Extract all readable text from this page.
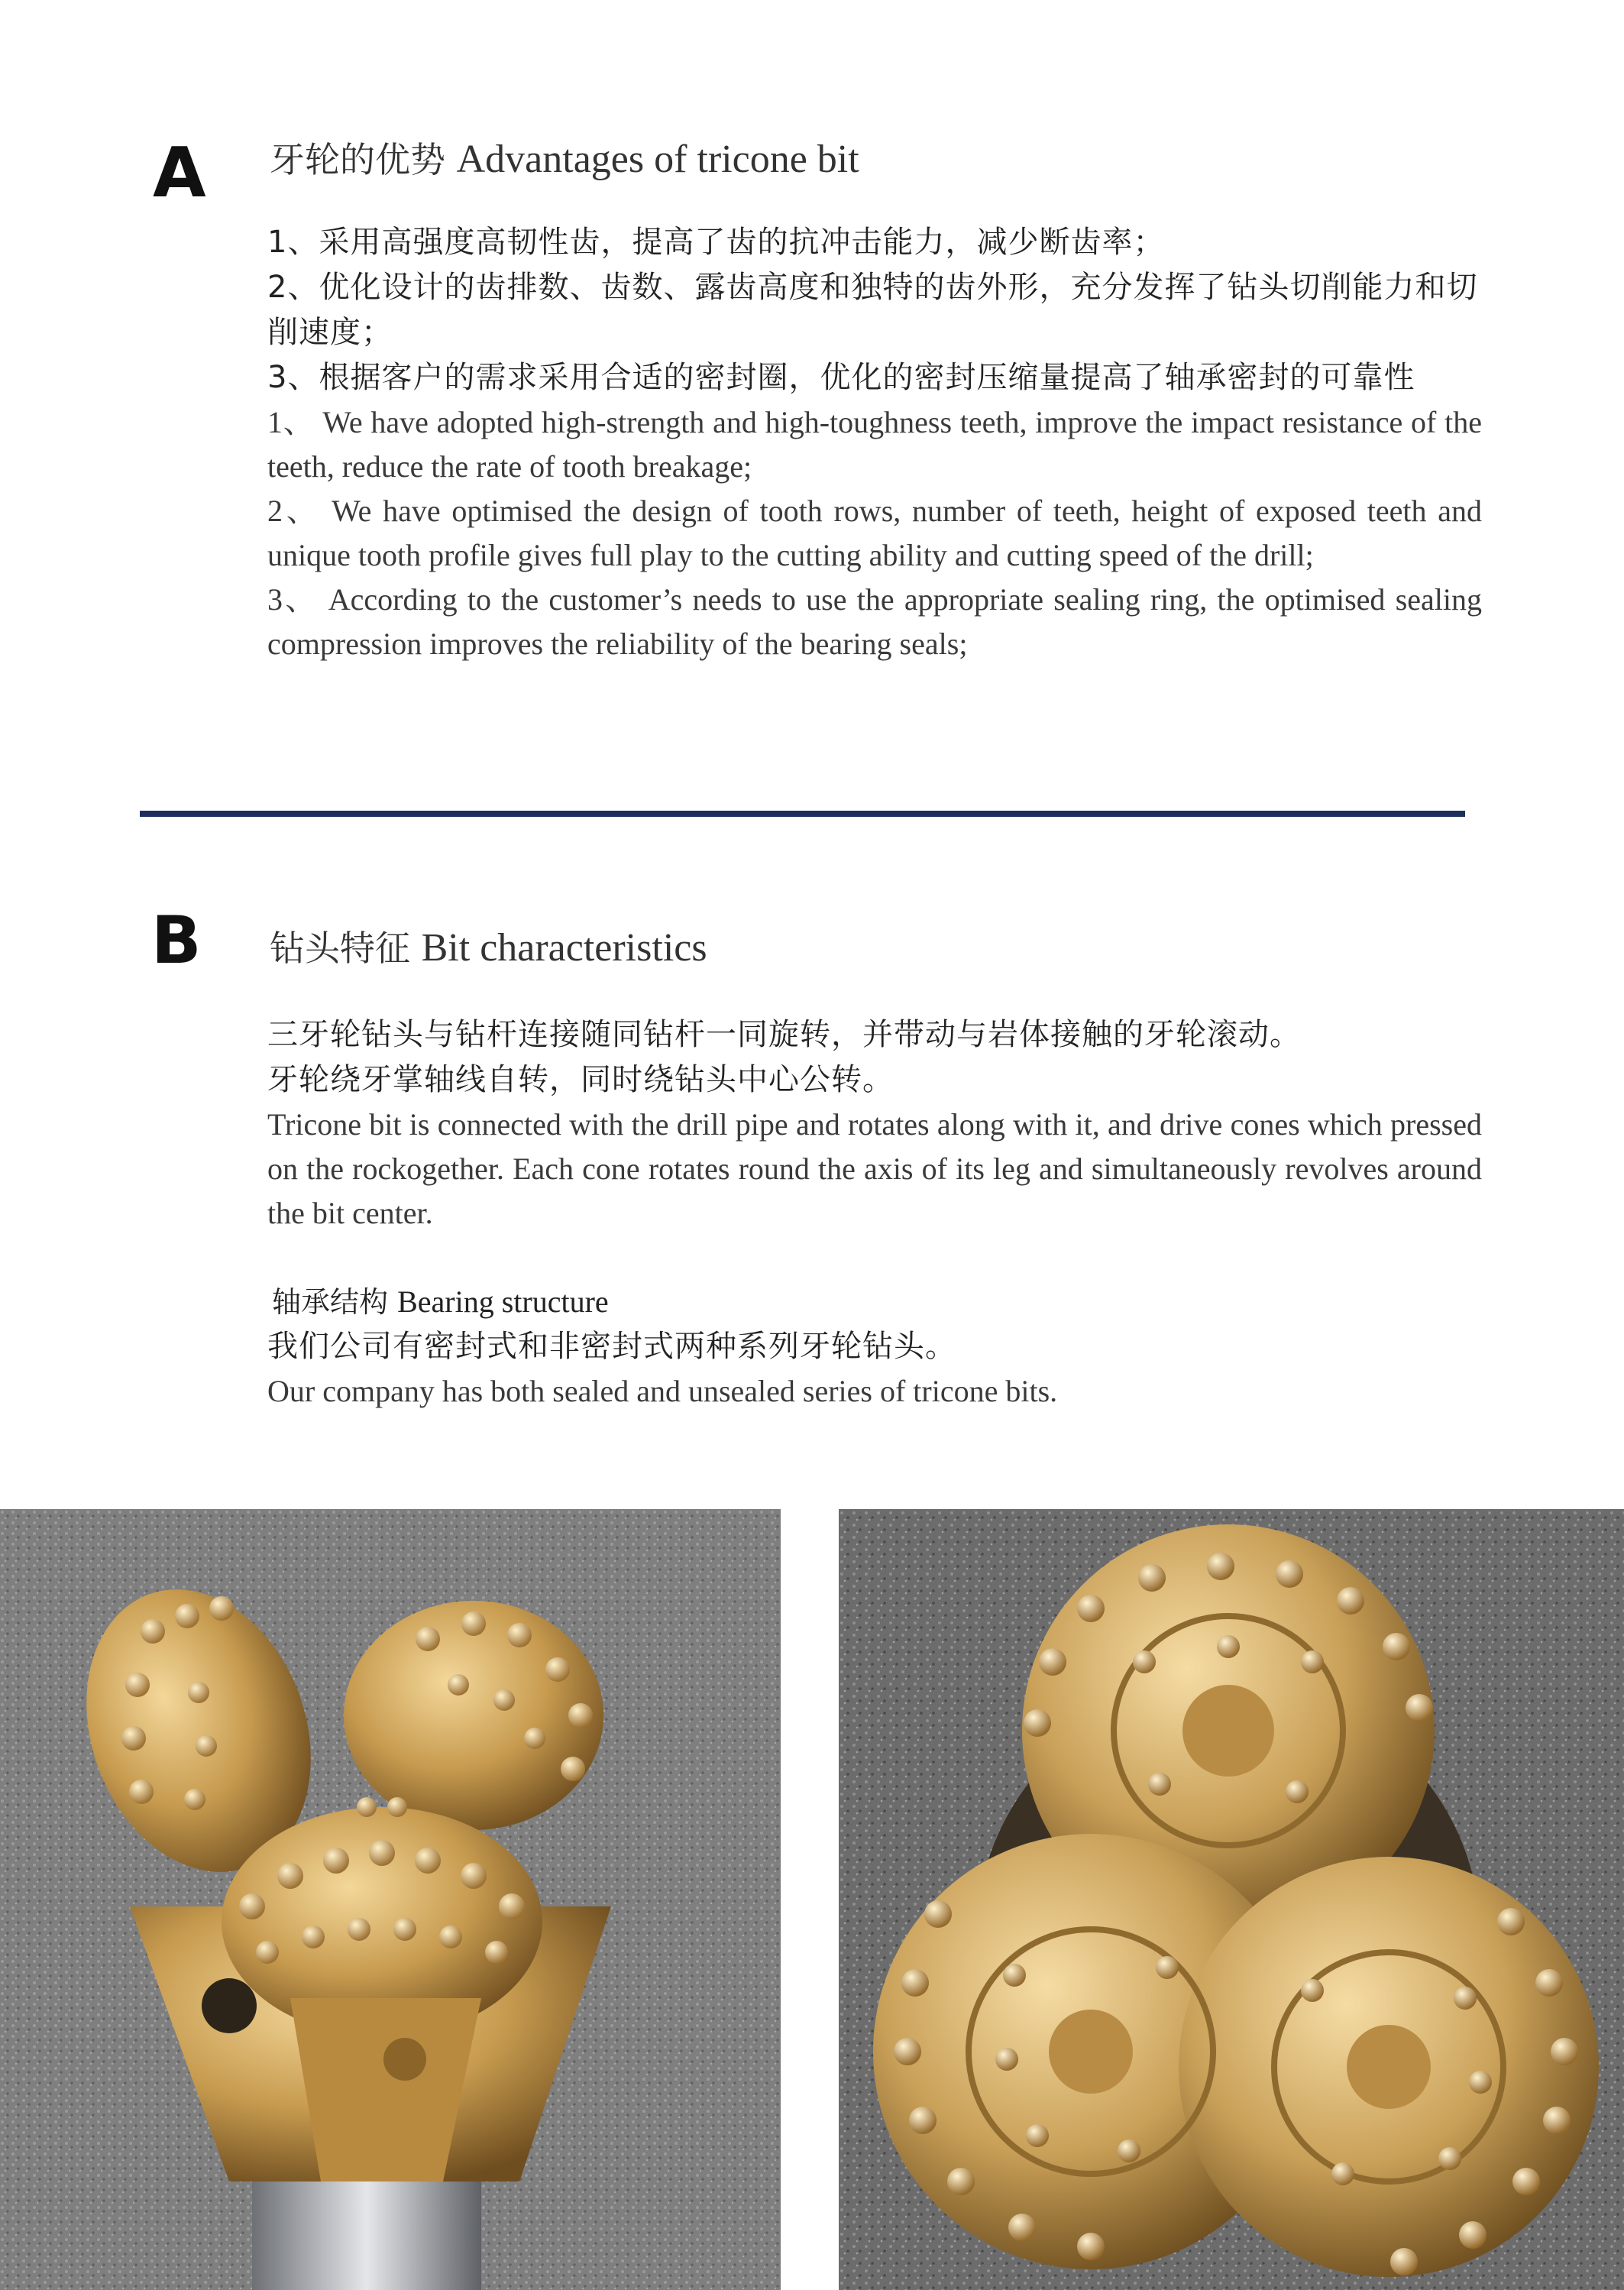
A 牙轮的优势 Advantages of tricone bit

1、采用高强度高韧性齿，提高了齿的抗冲击能力，减少断齿率；

2、优化设计的齿排数、齿数、露齿高度和独特的齿外形，充分发挥了钻头切削能力和切削速度；

3、根据客户的需求采用合适的密封圈，优化的密封压缩量提高了轴承密封的可靠性

1、 We have adopted high-strength and high-toughness teeth, improve the impact resistance of the teeth, reduce the rate of tooth breakage;

2、 We have optimised the design of tooth rows, number of teeth, height of exposed teeth and unique tooth profile gives full play to the cutting ability and cutting speed of the drill;

3、 According to the customer’s needs to use the appropriate sealing ring, the optimised sealing compression improves the reliability of the bearing seals;

B 钻头特征 Bit characteristics

三牙轮钻头与钻杆连接随同钻杆一同旋转，并带动与岩体接触的牙轮滚动。

牙轮绕牙掌轴线自转，同时绕钻头中心公转。

Tricone bit is connected with the drill pipe and rotates along with it, and drive cones which pressed on the rockogether. Each cone rotates round the axis of its leg and simultaneously revolves around the bit center.

轴承结构 Bearing structure

我们公司有密封式和非密封式两种系列牙轮钻头。

Our company has both sealed and unsealed series of tricone bits.
